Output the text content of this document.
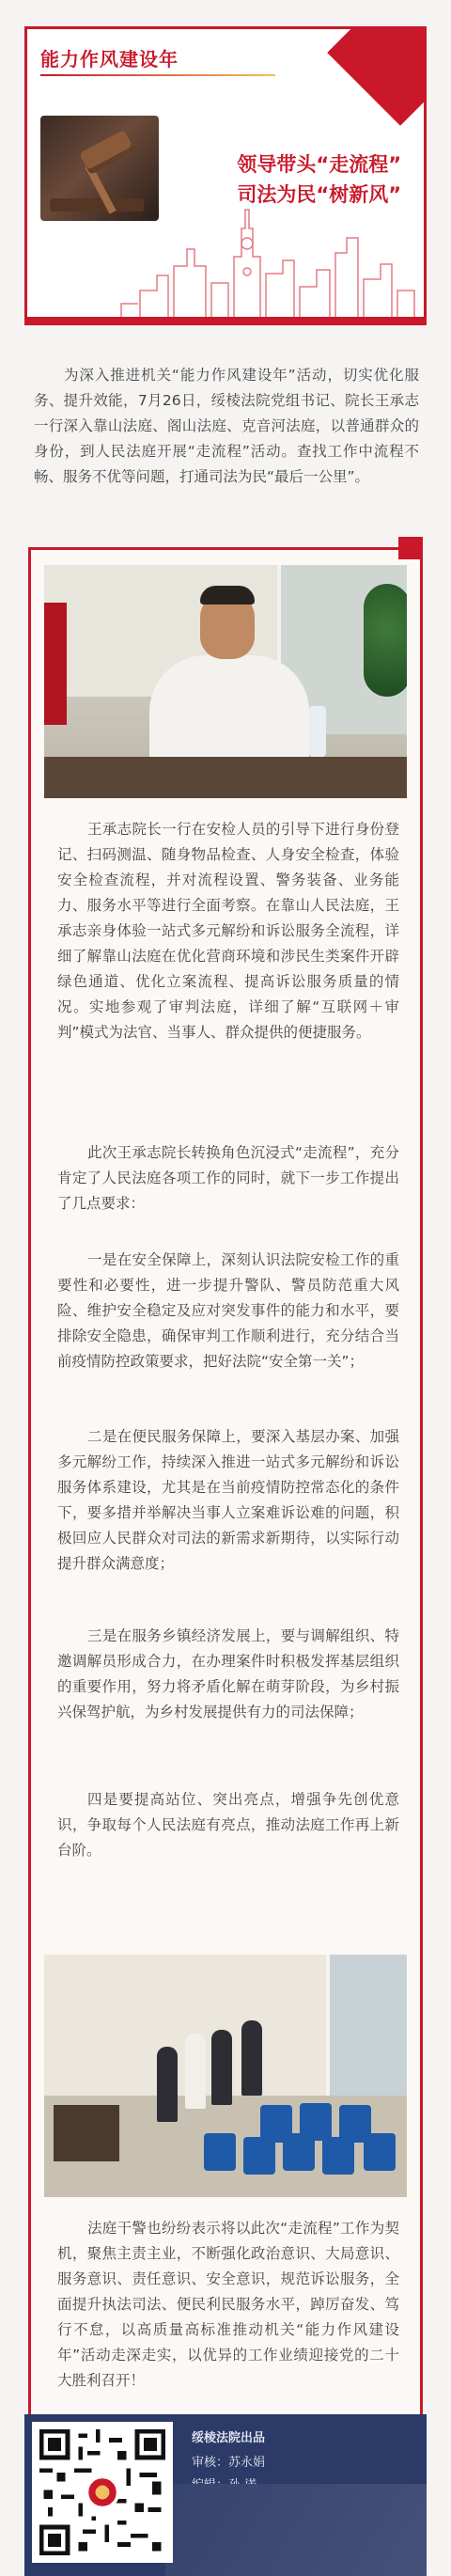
能力作风建设年
领导带头“走流程”
司法为民“树新风”
为深入推进机关“能力作风建设年”活动，切实优化服务、提升效能，7月26日，绥棱法院党组书记、院长王承志一行深入靠山法庭、阁山法庭、克音河法庭，以普通群众的身份，到人民法庭开展“走流程”活动。查找工作中流程不畅、服务不优等问题，打通司法为民“最后一公里”。

王承志院长一行在安检人员的引导下进行身份登记、扫码测温、随身物品检查、人身安全检查，体验安全检查流程，并对流程设置、警务装备、业务能力、服务水平等进行全面考察。在靠山人民法庭，王承志亲身体验一站式多元解纷和诉讼服务全流程，详细了解靠山法庭在优化营商环境和涉民生类案件开辟绿色通道、优化立案流程、提高诉讼服务质量的情况。实地参观了审判法庭，详细了解“互联网＋审判”模式为法官、当事人、群众提供的便捷服务。

此次王承志院长转换角色沉浸式“走流程”，充分肯定了人民法庭各项工作的同时，就下一步工作提出了几点要求：

一是在安全保障上，深刻认识法院安检工作的重要性和必要性，进一步提升警队、警员防范重大风险、维护安全稳定及应对突发事件的能力和水平，要排除安全隐患，确保审判工作顺利进行，充分结合当前疫情防控政策要求，把好法院“安全第一关”；

二是在便民服务保障上，要深入基层办案、加强多元解纷工作，持续深入推进一站式多元解纷和诉讼服务体系建设，尤其是在当前疫情防控常态化的条件下，要多措并举解决当事人立案难诉讼难的问题，积极回应人民群众对司法的新需求新期待，以实际行动提升群众满意度；

三是在服务乡镇经济发展上，要与调解组织、特邀调解员形成合力，在办理案件时积极发挥基层组织的重要作用，努力将矛盾化解在萌芽阶段，为乡村振兴保驾护航，为乡村发展提供有力的司法保障；

四是要提高站位、突出亮点，增强争先创优意识，争取每个人民法庭有亮点，推动法庭工作再上新台阶。

法庭干警也纷纷表示将以此次“走流程”工作为契机，聚焦主责主业，不断强化政治意识、大局意识、服务意识、责任意识、安全意识，规范诉讼服务，全面提升执法司法、便民利民服务水平，踔厉奋发、笃行不怠，以高质量高标准推动机关“能力作风建设年”活动走深走实，以优异的工作业绩迎接党的二十大胜利召开！

绥棱法院出品
审核：苏永娟
